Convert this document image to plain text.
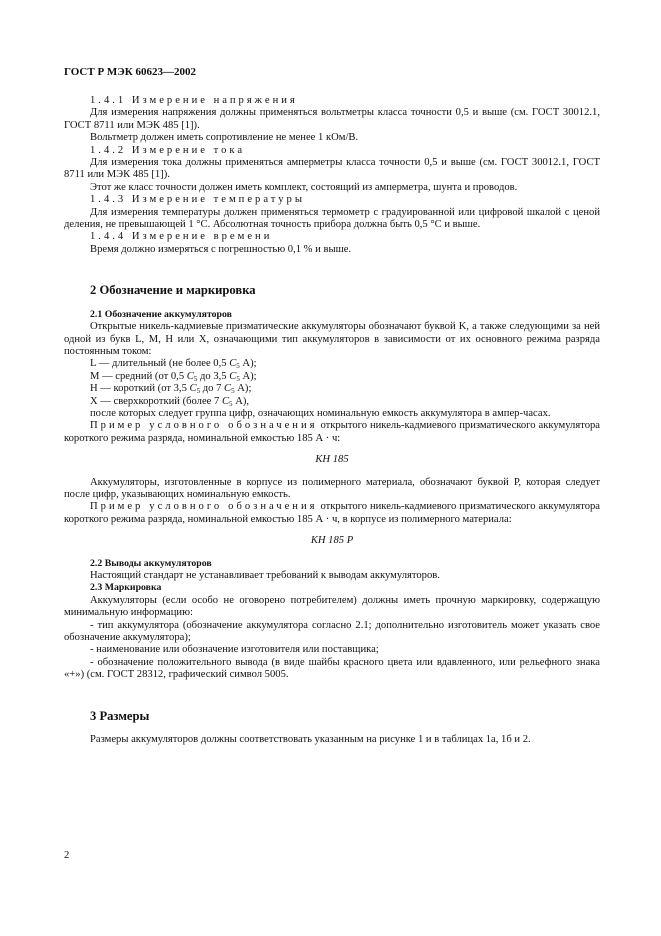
ГОСТ Р МЭК 60623—2002

1.4.1 Измерение напряжения

Для измерения напряжения должны применяться вольтметры класса точности 0,5 и выше (см. ГОСТ 30012.1, ГОСТ 8711 или МЭК 485 [1]).

Вольтметр должен иметь сопротивление не менее 1 кОм/В.

1.4.2 Измерение тока

Для измерения тока должны применяться амперметры класса точности 0,5 и выше (см. ГОСТ 30012.1, ГОСТ 8711 или МЭК 485 [1]).

Этот же класс точности должен иметь комплект, состоящий из амперметра, шунта и проводов.

1.4.3 Измерение температуры

Для измерения температуры должен применяться термометр с градуированной или цифровой шкалой с ценой деления, не превышающей 1 °С. Абсолютная точность прибора должна быть 0,5 °С и выше.

1.4.4 Измерение времени

Время должно измеряться с погрешностью 0,1 % и выше.

2 Обозначение и маркировка

2.1 Обозначение аккумуляторов

Открытые никель-кадмиевые призматические аккумуляторы обозначают буквой K, а также следующими за ней одной из букв L, M, H или X, означающими тип аккумуляторов в зависимости от их основного режима разряда постоянным током:

L — длительный (не более 0,5 $C_5$ А);

M — средний (от 0,5 $C_5$ до 3,5 $C_5$ А);

H — короткий (от 3,5 $C_5$ до 7 $C_5$ А);

X — сверхкороткий (более 7 $C_5$ А),

после которых следует группа цифр, означающих номинальную емкость аккумулятора в ампер-часах.

Пример условного обозначения открытого никель-кадмиевого призматического аккумулятора короткого режима разряда, номинальной емкостью 185 А · ч:

KH 185

Аккумуляторы, изготовленные в корпусе из полимерного материала, обозначают буквой Р, которая следует после цифр, указывающих номинальную емкость.

Пример условного обозначения открытого никель-кадмиевого призматического аккумулятора короткого режима разряда, номинальной емкостью 185 А · ч, в корпусе из полимерного материала:

KH 185 P

2.2 Выводы аккумуляторов

Настоящий стандарт не устанавливает требований к выводам аккумуляторов.

2.3 Маркировка

Аккумуляторы (если особо не оговорено потребителем) должны иметь прочную маркировку, содержащую минимальную информацию:

- тип аккумулятора (обозначение аккумулятора согласно 2.1; дополнительно изготовитель может указать свое обозначение аккумулятора);

- наименование или обозначение изготовителя или поставщика;

- обозначение положительного вывода (в виде шайбы красного цвета или вдавленного, или рельефного знака «+») (см. ГОСТ 28312, графический символ 5005.

3 Размеры

Размеры аккумуляторов должны соответствовать указанным на рисунке 1 и в таблицах 1а, 1б и 2.

2
